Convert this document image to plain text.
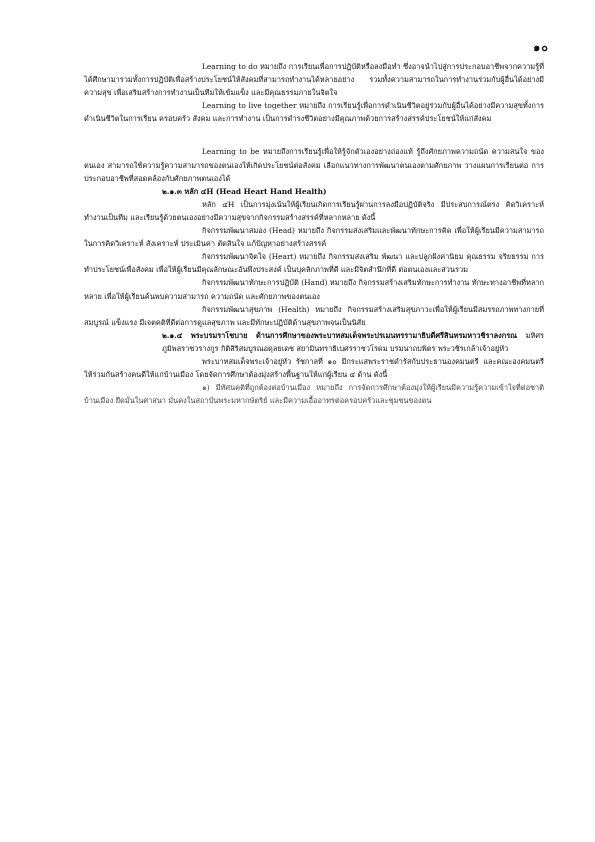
๑๐

Learning to do หมายถึง การเรียนเพื่อการปฏิบัติหรือลงมือทำ ซึ่งอาจนำไปสู่การประกอบอาชีพจากความรู้ที่ได้ศึกษามารวมทั้งการปฏิบัติเพื่อสร้างประโยชน์ให้สังคมที่สามารถทำงานได้หลายอย่าง รวมทั้งความสามารถในการทำงานร่วมกับผู้อื่นได้อย่างมีความสุข เพื่อเสริมสร้างการทำงานเป็นทีมให้เข้มแข็ง และมีคุณธรรมภายในจิตใจ

Learning to live together หมายถึง การเรียนรู้เพื่อการดำเนินชีวิตอยู่ร่วมกับผู้อื่นได้อย่างมีความสุขทั้งการดำเนินชีวิตในการเรียน ครอบครัว สังคม และการทำงาน เป็นการดำรงชีวิตอย่างมีคุณภาพด้วยการสร้างสรรค์ประโยชน์ให้แก่สังคม

Learning to be หมายถึงการเรียนรู้เพื่อให้รู้จักตัวเองอย่างถ่องแท้ รู้ถึงศักยภาพความถนัด ความสนใจ ของตนเอง สามารถใช้ความรู้ความสามารถของตนเองให้เกิดประโยชน์ต่อสังคม เลือกแนวทางการพัฒนาตนเองตามศักยภาพ วางแผนการเรียนต่อ การประกอบอาชีพที่สอดคล้องกับศักยภาพตนเองได้

๒.๑.๓ หลัก ๔H (Head Heart Hand Health)

หลัก ๔H เป็นการมุ่งเน้นให้ผู้เรียนเกิดการเรียนรู้ผ่านการลงมือปฏิบัติจริง มีประสบการณ์ตรง คิดวิเคราะห์ ทำงานเป็นทีม และเรียนรู้ด้วยตนเองอย่างมีความสุขจากกิจกรรมสร้างสรรค์ที่หลากหลาย ดังนี้

กิจกรรมพัฒนาสมอง (Head) หมายถึง กิจกรรมส่งเสริมและพัฒนาทักษะการคิด เพื่อให้ผู้เรียนมีความสามารถในการคิดวิเคราะห์ สังเคราะห์ ประเมินค่า ตัดสินใจ แก้ปัญหาอย่างสร้างสรรค์

กิจกรรมพัฒนาจิตใจ (Heart) หมายถึง กิจกรรมส่งเสริม พัฒนา และปลูกฝังค่านิยม คุณธรรม จริยธรรม การทำประโยชน์เพื่อสังคม เพื่อให้ผู้เรียนมีคุณลักษณะอันพึงประสงค์ เป็นบุคลิกภาพที่ดี และมีจิตสำนึกที่ดี ต่อตนเองและส่วนรวม

กิจกรรมพัฒนาทักษะการปฏิบัติ (Hand) หมายถึง กิจกรรมสร้างเสริมทักษะการทำงาน ทักษะทางอาชีพที่หลากหลาย เพื่อให้ผู้เรียนค้นพบความสามารถ ความถนัด และศักยภาพของตนเอง

กิจกรรมพัฒนาสุขภาพ (Health) หมายถึง กิจกรรมสร้างเสริมสุขภาวะเพื่อให้ผู้เรียนมีสมรรถภาพทางกายที่สมบูรณ์ แข็งแรง มีเจตคติที่ดีต่อการดูแลสุขภาพ และมีทักษะปฏิบัติด้านสุขภาพจนเป็นนิสัย

๒.๑.๔ พระบรมราโชบาย ด้านการศึกษาของพระบาทสมเด็จพระปรเมนทรรามาธิบดีศรีสินทรมหาวชิราลงกรณ มหิศรภูมิพลราชวรางกูร กิติสิริสมบูรณอดุลยเดช สยามินทราธิเบศรราชวโรดม บรมนาถบพิตร พระวชิรเกล้าเจ้าอยู่หัว

พระบาทสมเด็จพระเจ้าอยู่หัว รัชกาลที่ ๑๐ มีกระแสพระราชดำรัสกับประธานองคมนตรี และคณะองคมนตรี ให้ร่วมกันสร้างคนดีให้แก่บ้านเมือง โดยจัดการศึกษาต้องมุ่งสร้างพื้นฐานให้แก่ผู้เรียน ๔ ด้าน ดังนี้

๑) มีทัศนคติที่ถูกต้องต่อบ้านเมือง หมายถึง การจัดการศึกษาต้องมุ่งให้ผู้เรียนมีความรู้ความเข้าใจที่ต่อชาติบ้านเมือง ยึดมั่นในศาสนา มั่นคงในสถาบันพระมหากษัตริย์ และมีความเอื้ออาทรต่อครอบครัวและชุมชนของตน
